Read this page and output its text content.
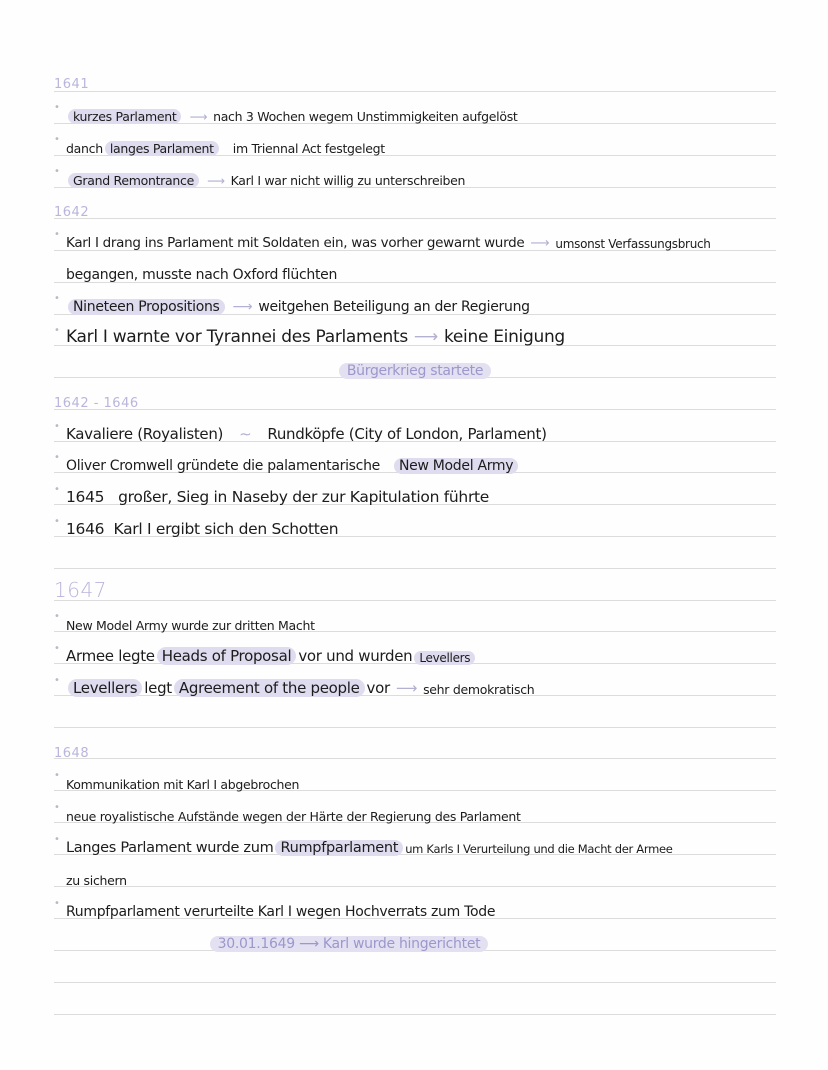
1641
•
kurzes Parlament	⟶ nach 3 Wochen wegem Unstimmigkeiten aufgelöst
•
danch langes Parlament	im Triennal Act festgelegt
•
Grand Remontrance	⟶ Karl I war nicht willig zu unterschreiben
1642
•
Karl I drang ins Parlament mit Soldaten ein, was vorher gewarnt wurde ⟶ umsonst Verfassungsbruch
begangen, musste nach Oxford flüchten
•
Nineteen Propositions ⟶ weitgehen Beteiligung an der Regierung
• Karl I warnte vor Tyrannei des Parlaments ⟶ keine Einigung
Bürgerkrieg startete
1642 - 1646
• Kavaliere (Royalisten) ∼ Rundköpfe (City of London, Parlament)
•
Oliver Cromwell gründete die palamentarische	New Model Army
• 1645   großer, Sieg in Naseby der zur Kapitulation führte
• 1646  Karl I ergibt sich den Schotten
1647
•
New Model Army wurde zur dritten Macht
• Armee legte Heads of Proposal vor und wurden Levellers
• Levellers legt Agreement of the people vor ⟶ sehr demokratisch
1648
•
Kommunikation mit Karl I abgebrochen
•
neue royalistische Aufstände wegen der Härte der Regierung des Parlament
•
Langes Parlament wurde zum Rumpfparlament um Karls I Verurteilung und die Macht der Armee
zu sichern
•
Rumpfparlament verurteilte Karl I wegen Hochverrats zum Tode
30.01.1649 ⟶ Karl wurde hingerichtet
